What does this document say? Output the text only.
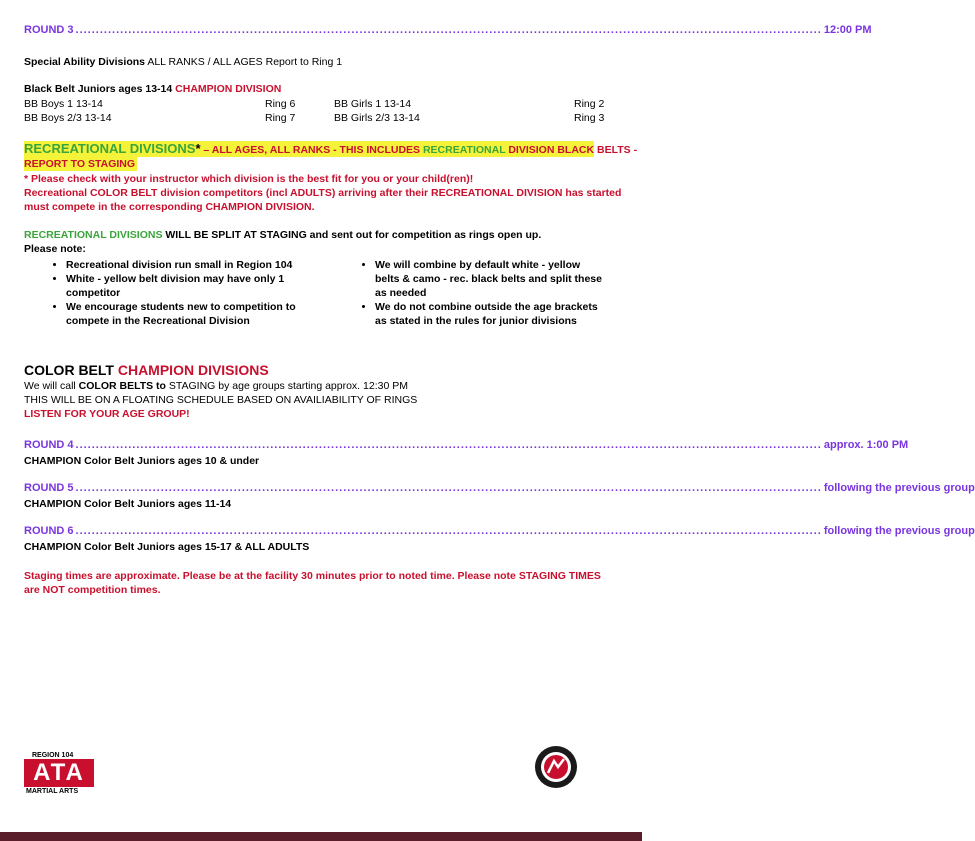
ROUND 3 ........................................................................................................................................................................................ 12:00 PM
Special Ability Divisions ALL RANKS / ALL AGES Report to Ring 1
Black Belt Juniors ages 13-14 CHAMPION DIVISION
BB Boys 1 13-14	Ring 6	BB Girls 1 13-14	Ring 2
BB Boys 2/3 13-14	Ring 7	BB Girls 2/3 13-14	Ring 3
RECREATIONAL DIVISIONS* – ALL AGES, ALL RANKS - THIS INCLUDES RECREATIONAL DIVISION BLACK BELTS -
REPORT TO STAGING
* Please check with your instructor which division is the best fit for you or your child(ren)!
Recreational COLOR BELT division competitors (incl ADULTS) arriving after their RECREATIONAL DIVISION has started
must compete in the corresponding CHAMPION DIVISION.
RECREATIONAL DIVISIONS WILL BE SPLIT AT STAGING and sent out for competition as rings open up.
Please note:
• Recreational division run small in Region 104
• White - yellow belt division may have only 1 competitor
• We encourage students new to competition to compete in the Recreational Division
• We will combine by default white - yellow belts & camo - rec. black belts and split these as needed
• We do not combine outside the age brackets as stated in the rules for junior divisions
COLOR BELT CHAMPION DIVISIONS
We will call COLOR BELTS to STAGING by age groups starting approx. 12:30 PM
THIS WILL BE ON A FLOATING SCHEDULE BASED ON AVAILIABILITY OF RINGS
LISTEN FOR YOUR AGE GROUP!
ROUND 4 ........................................................................................................................................................................................ approx. 1:00 PM
CHAMPION Color Belt Juniors ages 10 & under
ROUND 5 ........................................................................................................................................................................................ following the previous group
CHAMPION Color Belt Juniors ages 11-14
ROUND 6 ........................................................................................................................................................................................ following the previous group
CHAMPION Color Belt Juniors ages 15-17 & ALL ADULTS
Staging times are approximate. Please be at the facility 30 minutes prior to noted time. Please note STAGING TIMES are NOT competition times.
REGION 104
ATA
MARTIAL ARTS
